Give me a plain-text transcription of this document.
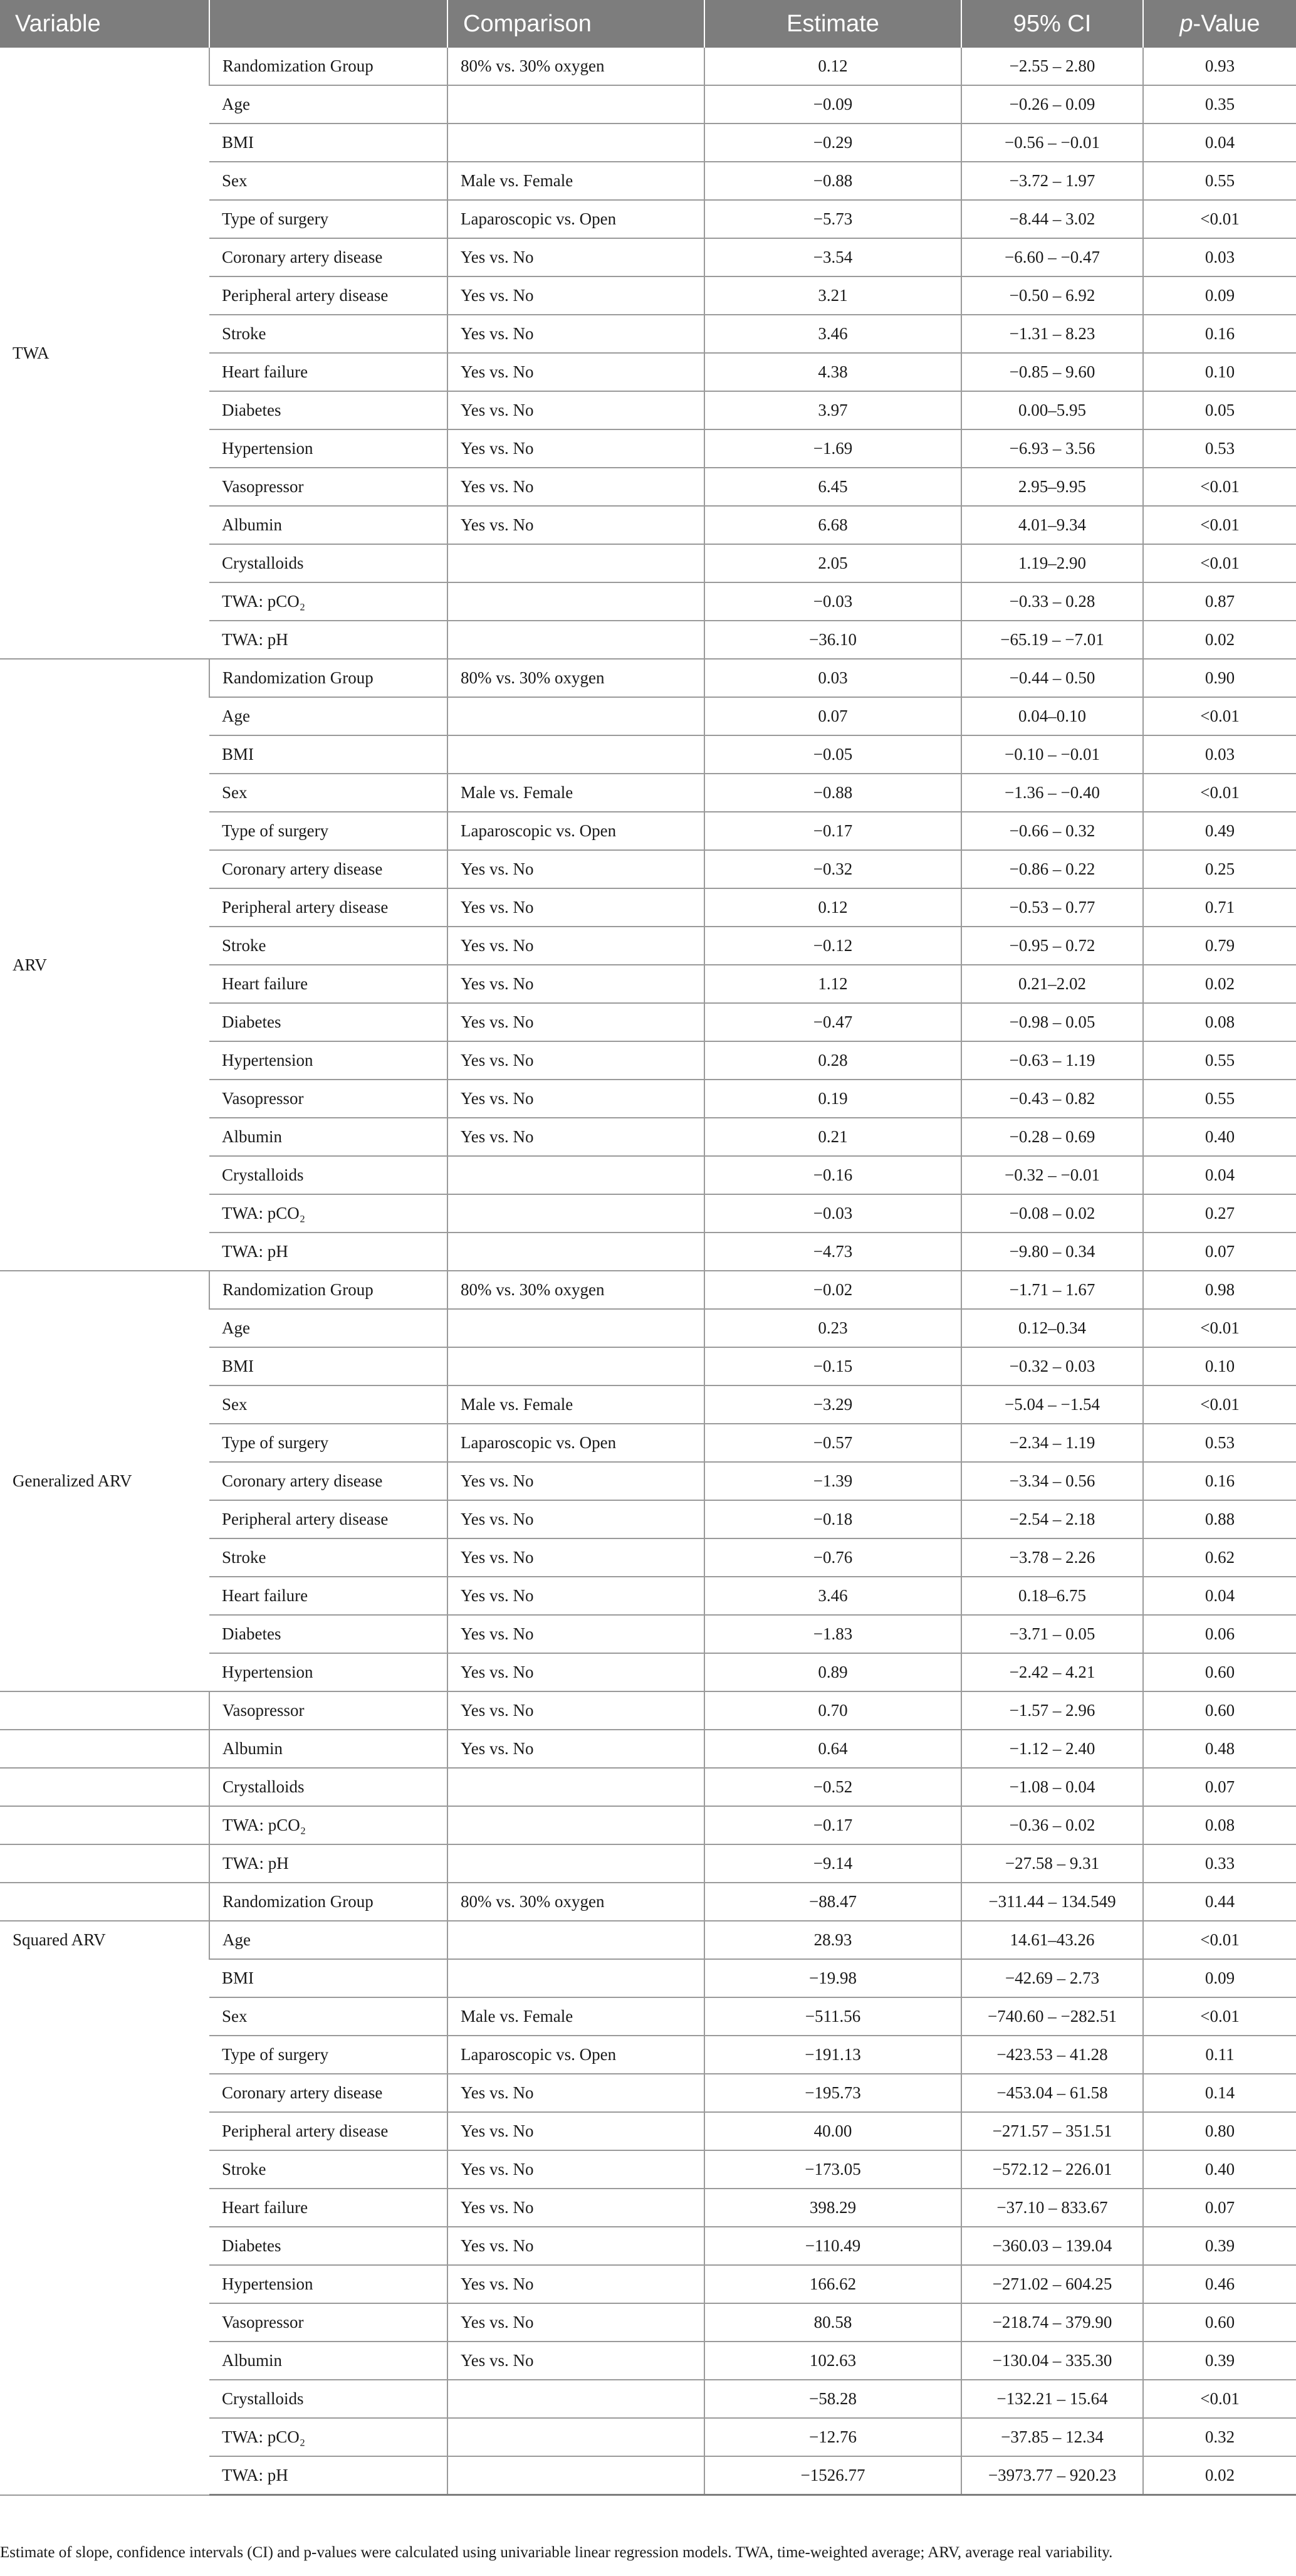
Variable		Comparison	Estimate	95% CI	p-Value
TWA	Randomization Group	80% vs. 30% oxygen	0.12	−2.55 – 2.80	0.93
	Age		−0.09	−0.26 – 0.09	0.35
	BMI		−0.29	−0.56 – −0.01	0.04
	Sex	Male vs. Female	−0.88	−3.72 – 1.97	0.55
	Type of surgery	Laparoscopic vs. Open	−5.73	−8.44 – 3.02	<0.01
	Coronary artery disease	Yes vs. No	−3.54	−6.60 – −0.47	0.03
	Peripheral artery disease	Yes vs. No	3.21	−0.50 – 6.92	0.09
	Stroke	Yes vs. No	3.46	−1.31 – 8.23	0.16
	Heart failure	Yes vs. No	4.38	−0.85 – 9.60	0.10
	Diabetes	Yes vs. No	3.97	0.00–5.95	0.05
	Hypertension	Yes vs. No	−1.69	−6.93 – 3.56	0.53
	Vasopressor	Yes vs. No	6.45	2.95–9.95	<0.01
	Albumin	Yes vs. No	6.68	4.01–9.34	<0.01
	Crystalloids		2.05	1.19–2.90	<0.01
	TWA: pCO₂		−0.03	−0.33 – 0.28	0.87
	TWA: pH		−36.10	−65.19 – −7.01	0.02
ARV	Randomization Group	80% vs. 30% oxygen	0.03	−0.44 – 0.50	0.90
	Age		0.07	0.04–0.10	<0.01
	BMI		−0.05	−0.10 – −0.01	0.03
	Sex	Male vs. Female	−0.88	−1.36 – −0.40	<0.01
	Type of surgery	Laparoscopic vs. Open	−0.17	−0.66 – 0.32	0.49
	Coronary artery disease	Yes vs. No	−0.32	−0.86 – 0.22	0.25
	Peripheral artery disease	Yes vs. No	0.12	−0.53 – 0.77	0.71
	Stroke	Yes vs. No	−0.12	−0.95 – 0.72	0.79
	Heart failure	Yes vs. No	1.12	0.21–2.02	0.02
	Diabetes	Yes vs. No	−0.47	−0.98 – 0.05	0.08
	Hypertension	Yes vs. No	0.28	−0.63 – 1.19	0.55
	Vasopressor	Yes vs. No	0.19	−0.43 – 0.82	0.55
	Albumin	Yes vs. No	0.21	−0.28 – 0.69	0.40
	Crystalloids		−0.16	−0.32 – −0.01	0.04
	TWA: pCO₂		−0.03	−0.08 – 0.02	0.27
	TWA: pH		−4.73	−9.80 – 0.34	0.07
Generalized ARV	Randomization Group	80% vs. 30% oxygen	−0.02	−1.71 – 1.67	0.98
	Age		0.23	0.12–0.34	<0.01
	BMI		−0.15	−0.32 – 0.03	0.10
	Sex	Male vs. Female	−3.29	−5.04 – −1.54	<0.01
	Type of surgery	Laparoscopic vs. Open	−0.57	−2.34 – 1.19	0.53
	Coronary artery disease	Yes vs. No	−1.39	−3.34 – 0.56	0.16
	Peripheral artery disease	Yes vs. No	−0.18	−2.54 – 2.18	0.88
	Stroke	Yes vs. No	−0.76	−3.78 – 2.26	0.62
	Heart failure	Yes vs. No	3.46	0.18–6.75	0.04
	Diabetes	Yes vs. No	−1.83	−3.71 – 0.05	0.06
	Hypertension	Yes vs. No	0.89	−2.42 – 4.21	0.60
	Vasopressor	Yes vs. No	0.70	−1.57 – 2.96	0.60
	Albumin	Yes vs. No	0.64	−1.12 – 2.40	0.48
	Crystalloids		−0.52	−1.08 – 0.04	0.07
	TWA: pCO₂		−0.17	−0.36 – 0.02	0.08
	TWA: pH		−9.14	−27.58 – 9.31	0.33
	Randomization Group	80% vs. 30% oxygen	−88.47	−311.44 – 134.549	0.44
Squared ARV	Age		28.93	14.61–43.26	<0.01
	BMI		−19.98	−42.69 – 2.73	0.09
	Sex	Male vs. Female	−511.56	−740.60 – −282.51	<0.01
	Type of surgery	Laparoscopic vs. Open	−191.13	−423.53 – 41.28	0.11
	Coronary artery disease	Yes vs. No	−195.73	−453.04 – 61.58	0.14
	Peripheral artery disease	Yes vs. No	40.00	−271.57 – 351.51	0.80
	Stroke	Yes vs. No	−173.05	−572.12 – 226.01	0.40
	Heart failure	Yes vs. No	398.29	−37.10 – 833.67	0.07
	Diabetes	Yes vs. No	−110.49	−360.03 – 139.04	0.39
	Hypertension	Yes vs. No	166.62	−271.02 – 604.25	0.46
	Vasopressor	Yes vs. No	80.58	−218.74 – 379.90	0.60
	Albumin	Yes vs. No	102.63	−130.04 – 335.30	0.39
	Crystalloids		−58.28	−132.21 – 15.64	<0.01
	TWA: pCO₂		−12.76	−37.85 – 12.34	0.32
	TWA: pH		−1526.77	−3973.77 – 920.23	0.02
Estimate of slope, confidence intervals (CI) and p-values were calculated using univariable linear regression models. TWA, time-weighted average; ARV, average real variability.
